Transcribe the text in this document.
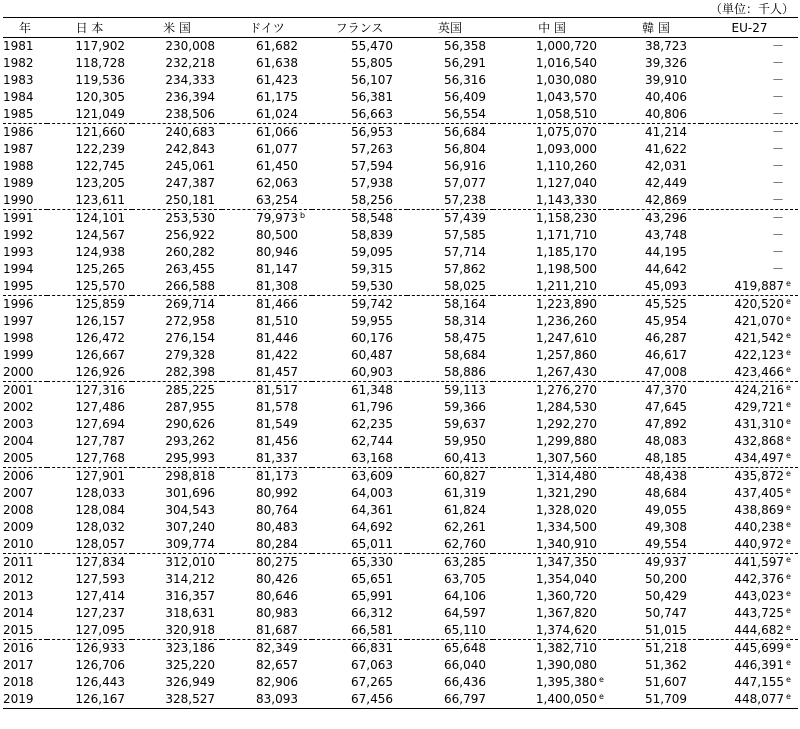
（単位：千人）
年	日 本	米 国	ドイツ	フランス	英国	中 国	韓 国	EU-27
1981	117,902	230,008	61,682	55,470	56,358	1,000,720	38,723	－
1982	118,728	232,218	61,638	55,805	56,291	1,016,540	39,326	－
1983	119,536	234,333	61,423	56,107	56,316	1,030,080	39,910	－
1984	120,305	236,394	61,175	56,381	56,409	1,043,570	40,406	－
1985	121,049	238,506	61,024	56,663	56,554	1,058,510	40,806	－
1986	121,660	240,683	61,066	56,953	56,684	1,075,070	41,214	－
1987	122,239	242,843	61,077	57,263	56,804	1,093,000	41,622	－
1988	122,745	245,061	61,450	57,594	56,916	1,110,260	42,031	－
1989	123,205	247,387	62,063	57,938	57,077	1,127,040	42,449	－
1990	123,611	250,181	63,254	58,256	57,238	1,143,330	42,869	－
1991	124,101	253,530	79,973 b	58,548	57,439	1,158,230	43,296	－
1992	124,567	256,922	80,500	58,839	57,585	1,171,710	43,748	－
1993	124,938	260,282	80,946	59,095	57,714	1,185,170	44,195	－
1994	125,265	263,455	81,147	59,315	57,862	1,198,500	44,642	－
1995	125,570	266,588	81,308	59,530	58,025	1,211,210	45,093	419,887 e
1996	125,859	269,714	81,466	59,742	58,164	1,223,890	45,525	420,520 e
1997	126,157	272,958	81,510	59,955	58,314	1,236,260	45,954	421,070 e
1998	126,472	276,154	81,446	60,176	58,475	1,247,610	46,287	421,542 e
1999	126,667	279,328	81,422	60,487	58,684	1,257,860	46,617	422,123 e
2000	126,926	282,398	81,457	60,903	58,886	1,267,430	47,008	423,466 e
2001	127,316	285,225	81,517	61,348	59,113	1,276,270	47,370	424,216 e
2002	127,486	287,955	81,578	61,796	59,366	1,284,530	47,645	429,721 e
2003	127,694	290,626	81,549	62,235	59,637	1,292,270	47,892	431,310 e
2004	127,787	293,262	81,456	62,744	59,950	1,299,880	48,083	432,868 e
2005	127,768	295,993	81,337	63,168	60,413	1,307,560	48,185	434,497 e
2006	127,901	298,818	81,173	63,609	60,827	1,314,480	48,438	435,872 e
2007	128,033	301,696	80,992	64,003	61,319	1,321,290	48,684	437,405 e
2008	128,084	304,543	80,764	64,361	61,824	1,328,020	49,055	438,869 e
2009	128,032	307,240	80,483	64,692	62,261	1,334,500	49,308	440,238 e
2010	128,057	309,774	80,284	65,011	62,760	1,340,910	49,554	440,972 e
2011	127,834	312,010	80,275	65,330	63,285	1,347,350	49,937	441,597 e
2012	127,593	314,212	80,426	65,651	63,705	1,354,040	50,200	442,376 e
2013	127,414	316,357	80,646	65,991	64,106	1,360,720	50,429	443,023 e
2014	127,237	318,631	80,983	66,312	64,597	1,367,820	50,747	443,725 e
2015	127,095	320,918	81,687	66,581	65,110	1,374,620	51,015	444,682 e
2016	126,933	323,186	82,349	66,831	65,648	1,382,710	51,218	445,699 e
2017	126,706	325,220	82,657	67,063	66,040	1,390,080	51,362	446,391 e
2018	126,443	326,949	82,906	67,265	66,436	1,395,380 e	51,607	447,155 e
2019	126,167	328,527	83,093	67,456	66,797	1,400,050 e	51,709	448,077 e
